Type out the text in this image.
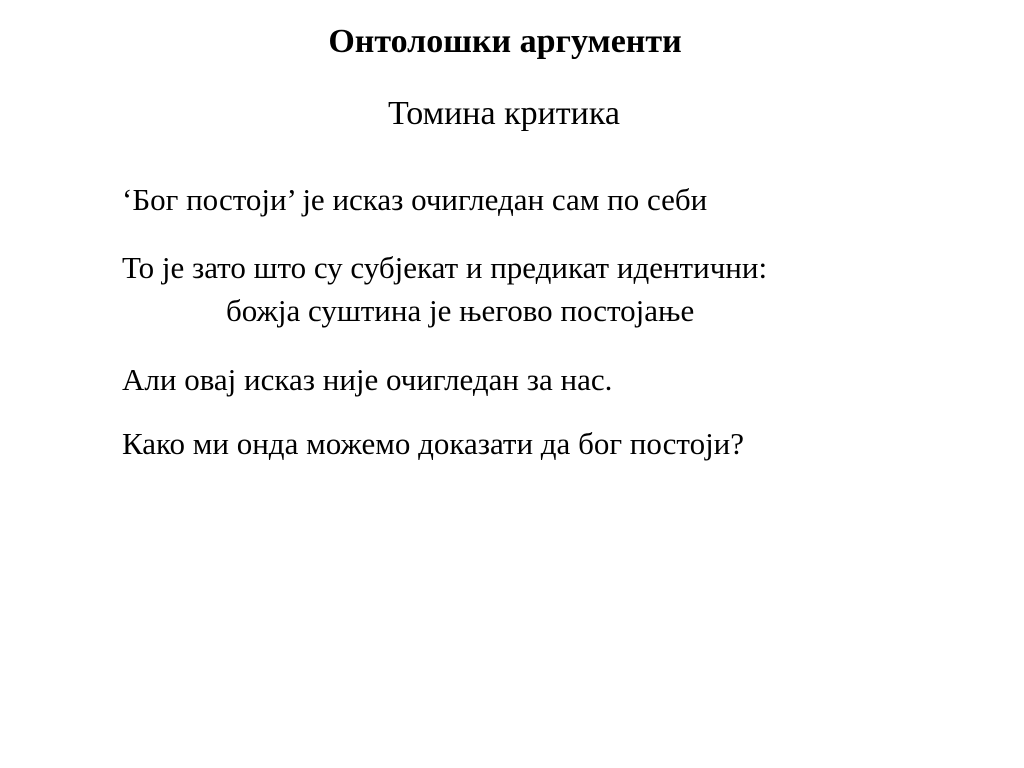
Онтолошки аргументи
Томина критика

‘Бог постоји’ је исказ очигледан сам по себи

То је зато што су субјекат и предикат идентични:

божја суштина је његово постојање

Али овај исказ није очигледан за нас.

Како ми онда можемо доказати да бог постоји?
